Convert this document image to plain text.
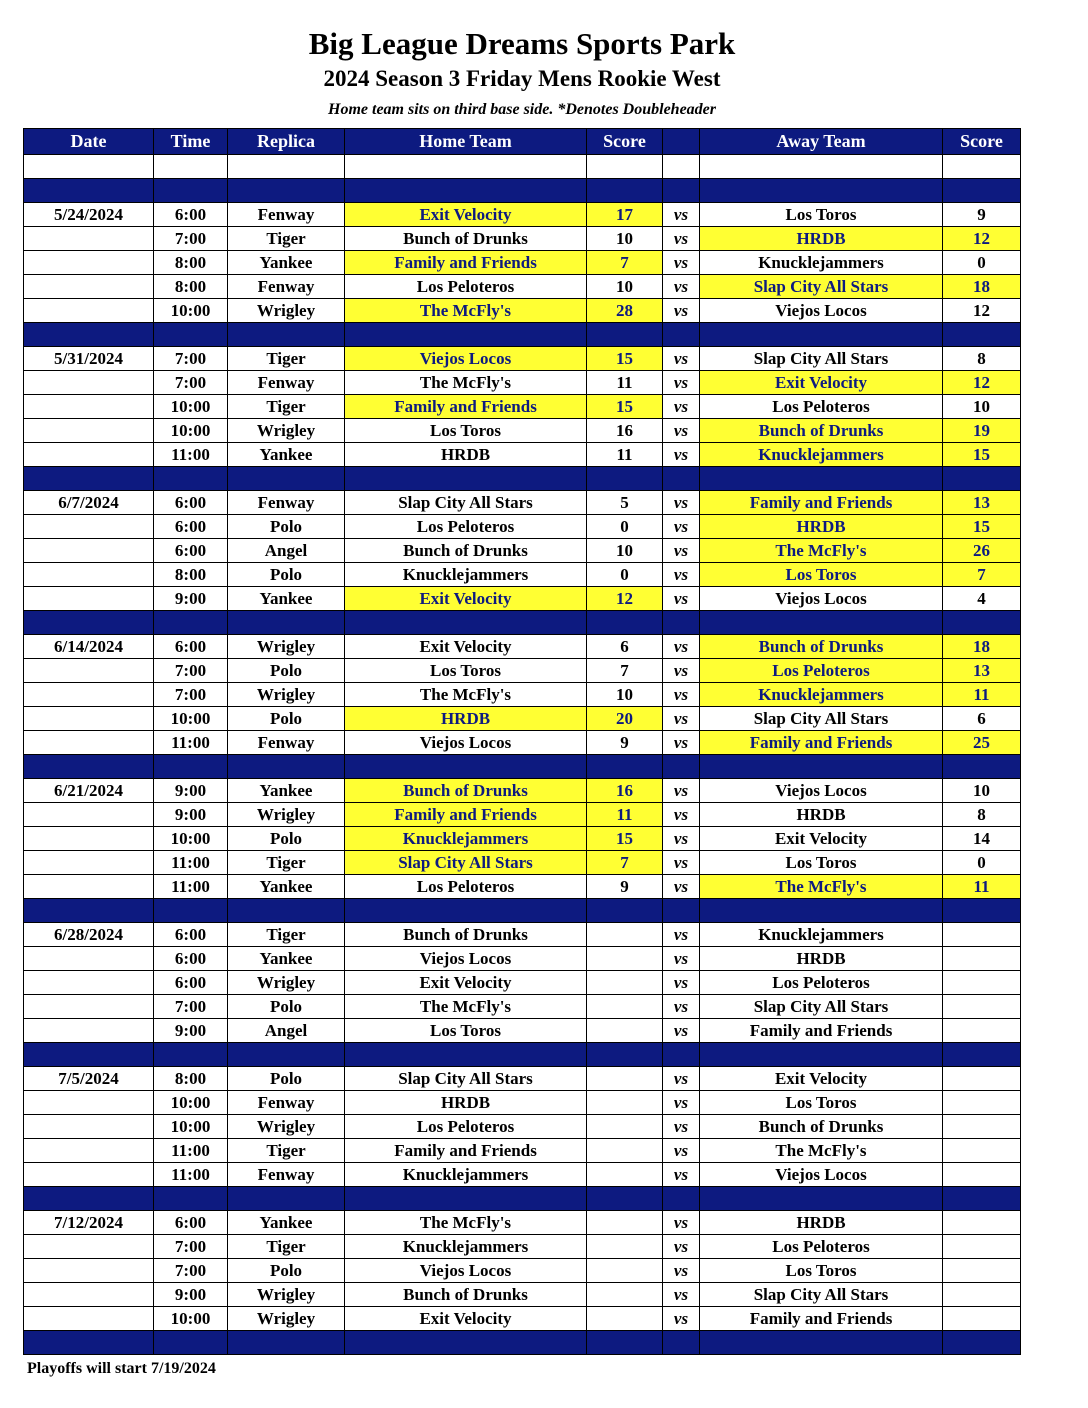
Big League Dreams Sports Park
2024 Season 3 Friday Mens Rookie West
Home team sits on third base side. *Denotes Doubleheader
Date	Time	Replica	Home Team	Score		Away Team	Score

5/24/2024	6:00	Fenway	Exit Velocity	17	vs	Los Toros	9
	7:00	Tiger	Bunch of Drunks	10	vs	HRDB	12
	8:00	Yankee	Family and Friends	7	vs	Knucklejammers	0
	8:00	Fenway	Los Peloteros	10	vs	Slap City All Stars	18
	10:00	Wrigley	The McFly's	28	vs	Viejos Locos	12

5/31/2024	7:00	Tiger	Viejos Locos	15	vs	Slap City All Stars	8
	7:00	Fenway	The McFly's	11	vs	Exit Velocity	12
	10:00	Tiger	Family and Friends	15	vs	Los Peloteros	10
	10:00	Wrigley	Los Toros	16	vs	Bunch of Drunks	19
	11:00	Yankee	HRDB	11	vs	Knucklejammers	15

6/7/2024	6:00	Fenway	Slap City All Stars	5	vs	Family and Friends	13
	6:00	Polo	Los Peloteros	0	vs	HRDB	15
	6:00	Angel	Bunch of Drunks	10	vs	The McFly's	26
	8:00	Polo	Knucklejammers	0	vs	Los Toros	7
	9:00	Yankee	Exit Velocity	12	vs	Viejos Locos	4

6/14/2024	6:00	Wrigley	Exit Velocity	6	vs	Bunch of Drunks	18
	7:00	Polo	Los Toros	7	vs	Los Peloteros	13
	7:00	Wrigley	The McFly's	10	vs	Knucklejammers	11
	10:00	Polo	HRDB	20	vs	Slap City All Stars	6
	11:00	Fenway	Viejos Locos	9	vs	Family and Friends	25

6/21/2024	9:00	Yankee	Bunch of Drunks	16	vs	Viejos Locos	10
	9:00	Wrigley	Family and Friends	11	vs	HRDB	8
	10:00	Polo	Knucklejammers	15	vs	Exit Velocity	14
	11:00	Tiger	Slap City All Stars	7	vs	Los Toros	0
	11:00	Yankee	Los Peloteros	9	vs	The McFly's	11

6/28/2024	6:00	Tiger	Bunch of Drunks		vs	Knucklejammers	
	6:00	Yankee	Viejos Locos		vs	HRDB	
	6:00	Wrigley	Exit Velocity		vs	Los Peloteros	
	7:00	Polo	The McFly's		vs	Slap City All Stars	
	9:00	Angel	Los Toros		vs	Family and Friends	

7/5/2024	8:00	Polo	Slap City All Stars		vs	Exit Velocity	
	10:00	Fenway	HRDB		vs	Los Toros	
	10:00	Wrigley	Los Peloteros		vs	Bunch of Drunks	
	11:00	Tiger	Family and Friends		vs	The McFly's	
	11:00	Fenway	Knucklejammers		vs	Viejos Locos	

7/12/2024	6:00	Yankee	The McFly's		vs	HRDB	
	7:00	Tiger	Knucklejammers		vs	Los Peloteros	
	7:00	Polo	Viejos Locos		vs	Los Toros	
	9:00	Wrigley	Bunch of Drunks		vs	Slap City All Stars	
	10:00	Wrigley	Exit Velocity		vs	Family and Friends	

Playoffs will start 7/19/2024
